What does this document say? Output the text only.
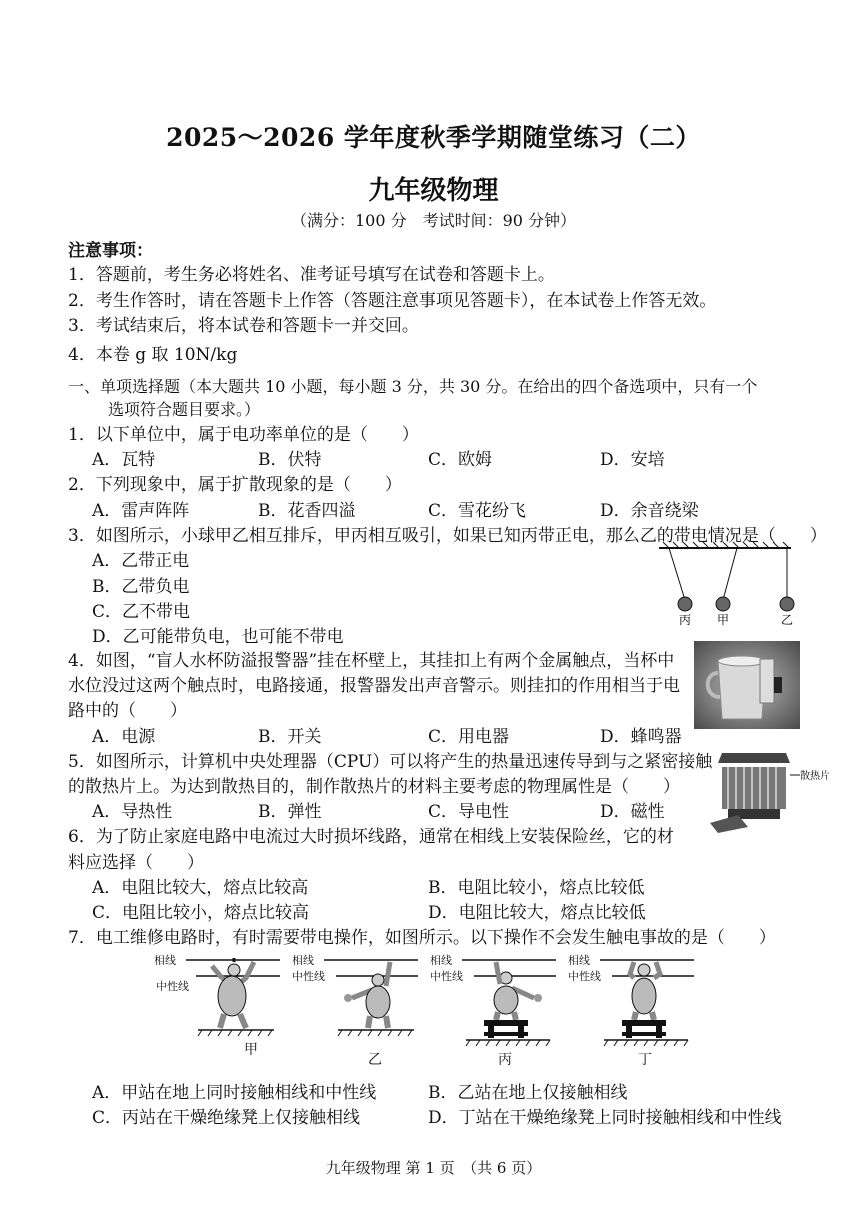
2025～2026 学年度秋季学期随堂练习（二）
九年级物理
（满分：100 分　考试时间：90 分钟）
注意事项：
1．答题前，考生务必将姓名、准考证号填写在试卷和答题卡上。
2．考生作答时，请在答题卡上作答（答题注意事项见答题卡），在本试卷上作答无效。
3．考试结束后，将本试卷和答题卡一并交回。
4．本卷 g 取 10N/kg
一、单项选择题（本大题共 10 小题，每小题 3 分，共 30 分。在给出的四个备选项中，只有一个
选项符合题目要求。）
1．以下单位中，属于电功率单位的是（　　）
A．瓦特	B．伏特	C．欧姆	D．安培
2．下列现象中，属于扩散现象的是（　　）
A．雷声阵阵	B．花香四溢	C．雪花纷飞	D．余音绕梁
3．如图所示，小球甲乙相互排斥，甲丙相互吸引，如果已知丙带正电，那么乙的带电情况是（　　）
A．乙带正电
B．乙带负电
C．乙不带电
D．乙可能带负电，也可能不带电
丙 甲	乙
4．如图，“盲人水杯防溢报警器”挂在杯壁上，其挂扣上有两个金属触点，当杯中
水位没过这两个触点时，电路接通，报警器发出声音警示。则挂扣的作用相当于电
路中的（　　）
A．电源	B．开关	C．用电器	D．蜂鸣器
5．如图所示，计算机中央处理器（CPU）可以将产生的热量迅速传导到与之紧密接触
的散热片上。为达到散热目的，制作散热片的材料主要考虑的物理属性是（　　）
A．导热性	B．弹性	C．导电性	D．磁性
散热片
6．为了防止家庭电路中电流过大时损坏线路，通常在相线上安装保险丝，它的材
料应选择（　　）
A．电阻比较大，熔点比较高	B．电阻比较小，熔点比较低
C．电阻比较小，熔点比较高	D．电阻比较大，熔点比较低
7．电工维修电路时，有时需要带电操作，如图所示。以下操作不会发生触电事故的是（　　）
相线
中性线
甲
相线
中性线
乙
相线
中性线
丙
相线
中性线
丁
A．甲站在地上同时接触相线和中性线	B．乙站在地上仅接触相线
C．丙站在干燥绝缘凳上仅接触相线	D．丁站在干燥绝缘凳上同时接触相线和中性线
九年级物理 第 1 页　（共 6 页）
